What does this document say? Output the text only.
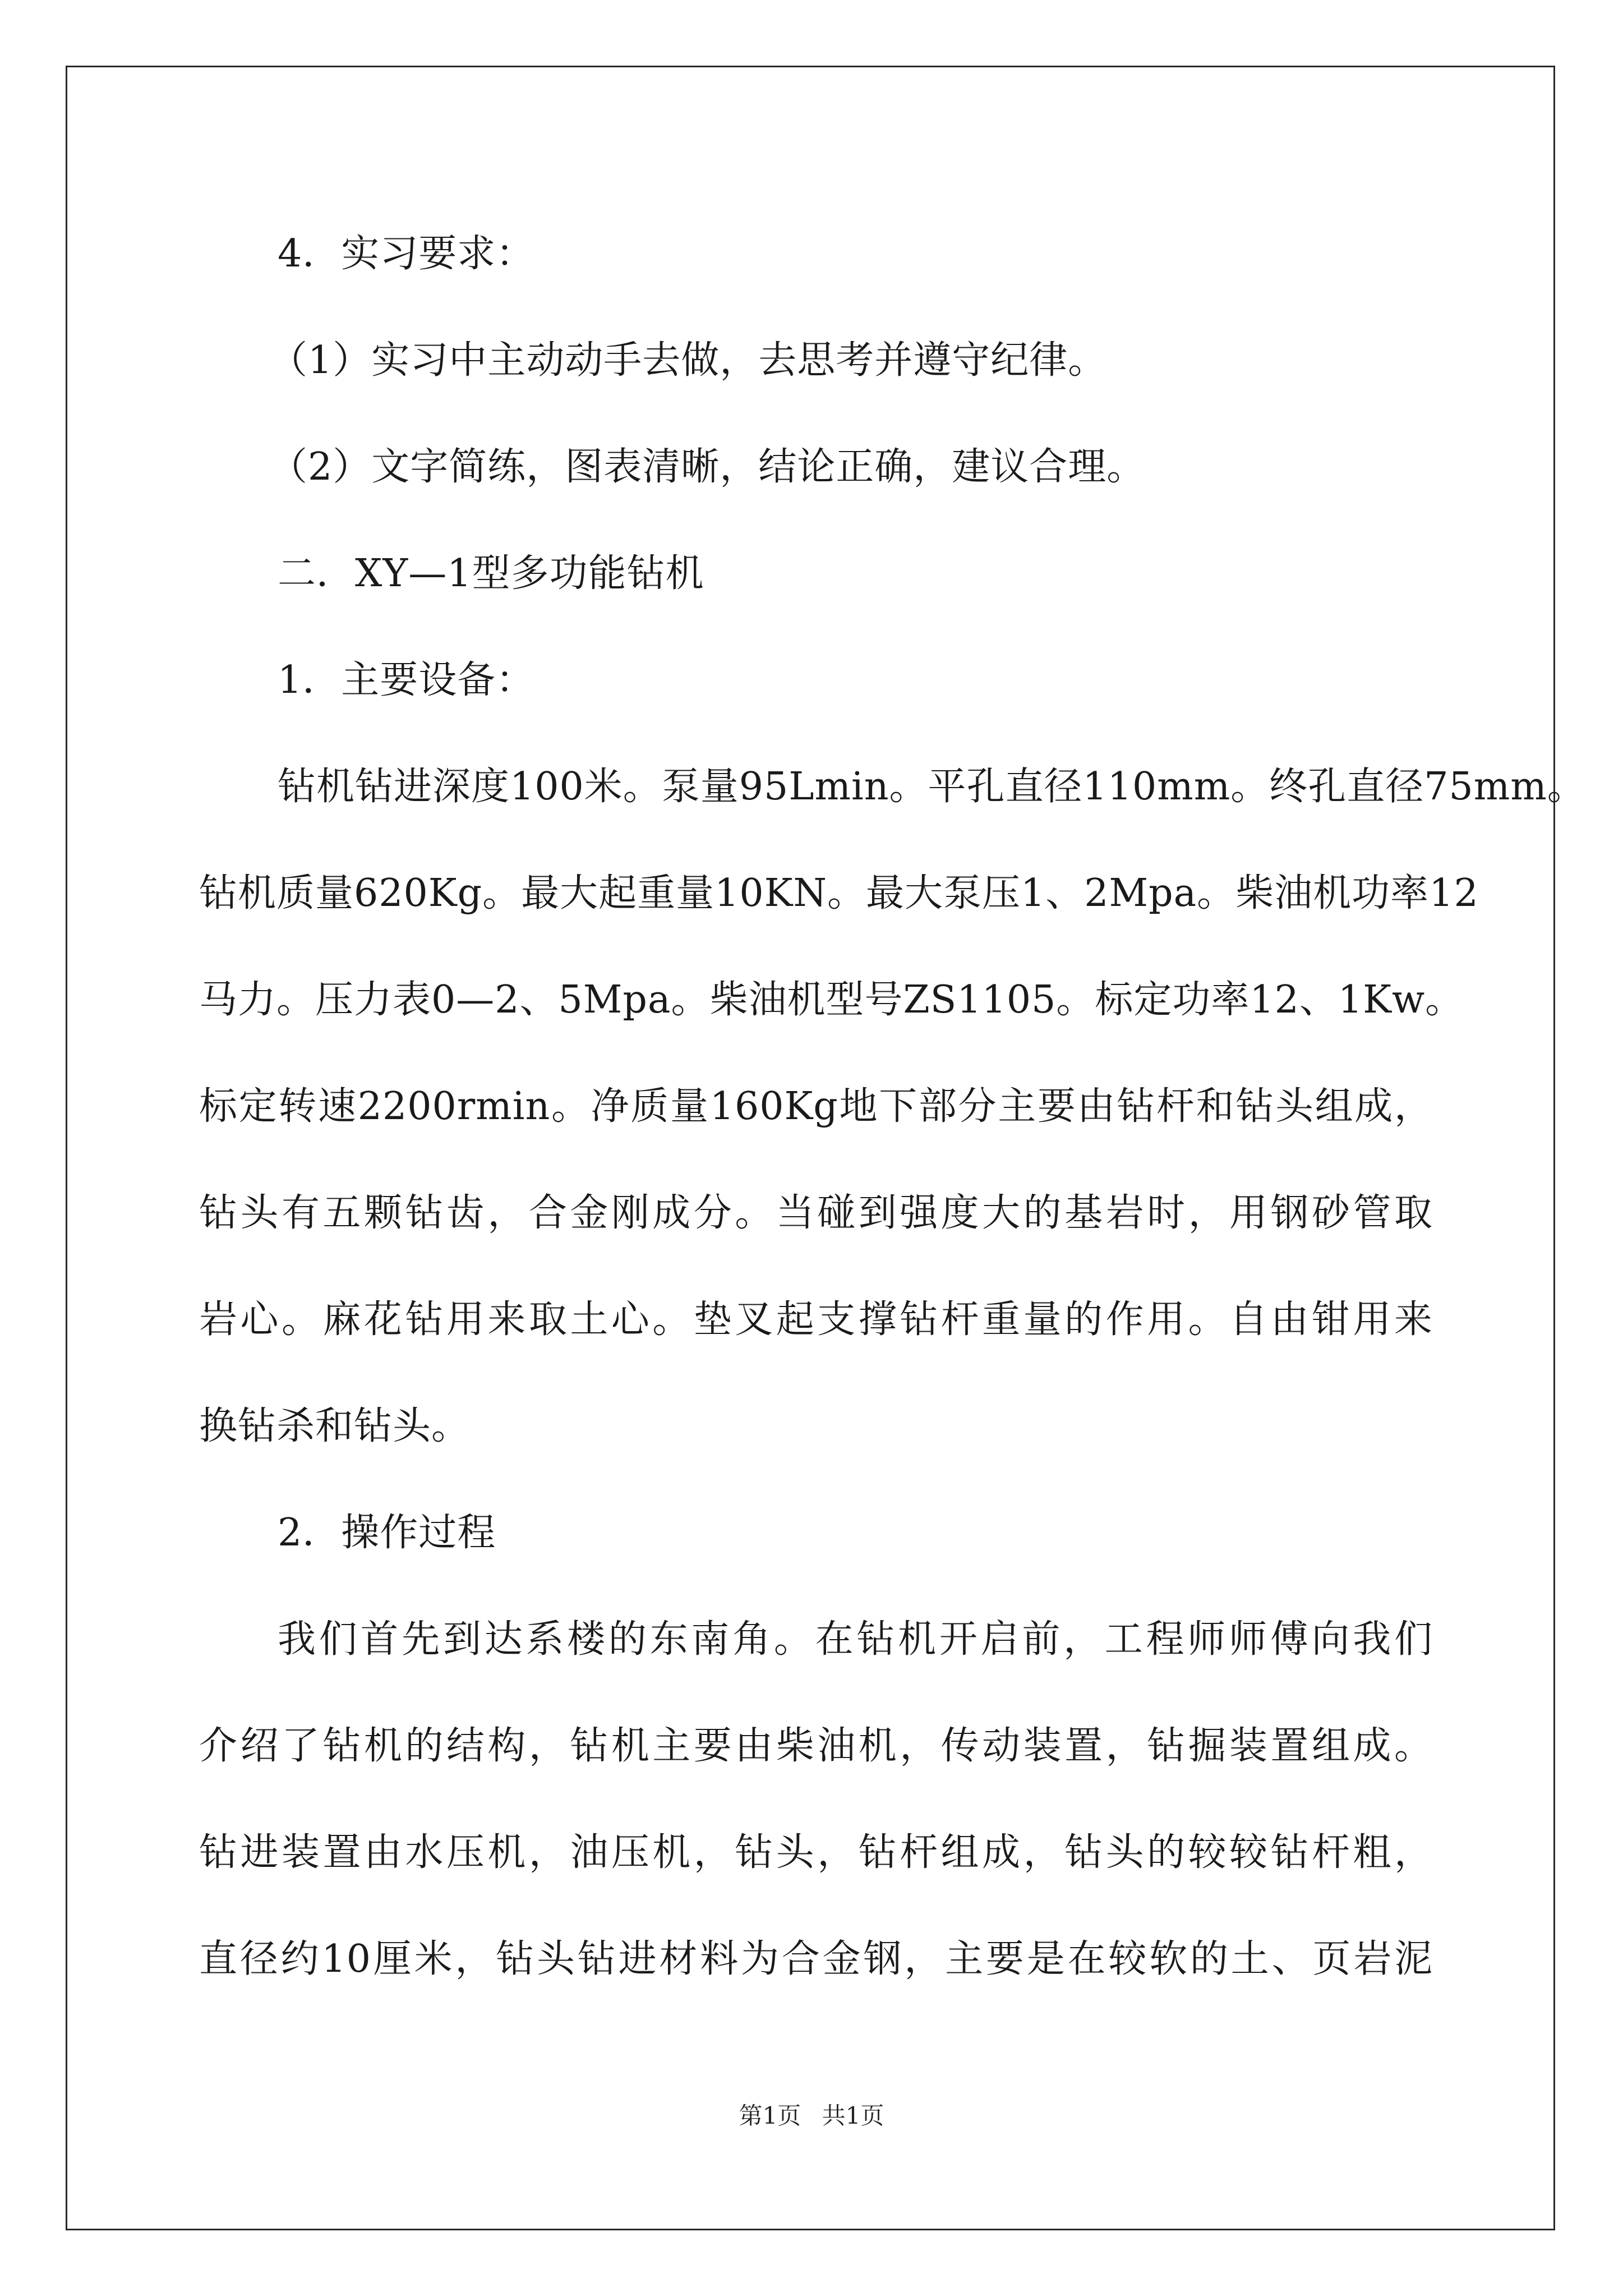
4．实习要求：
（1）实习中主动动手去做，去思考并遵守纪律。
（2）文字简练，图表清晰，结论正确，建议合理。
二．XY—1型多功能钻机
1．主要设备：
钻机钻进深度100米。泵量95Lmin。平孔直径110mm。终孔直径75mm。
钻机质量620Kg。最大起重量10KN。最大泵压1、2Mpa。柴油机功率12
马力。压力表0—2、5Mpa。柴油机型号ZS1105。标定功率12、1Kw。
标定转速2200rmin。净质量160Kg地下部分主要由钻杆和钻头组成，
钻头有五颗钻齿，合金刚成分。当碰到强度大的基岩时，用钢砂管取
岩心。麻花钻用来取土心。垫叉起支撑钻杆重量的作用。自由钳用来
换钻杀和钻头。
2．操作过程
我们首先到达系楼的东南角。在钻机开启前，工程师师傅向我们
介绍了钻机的结构，钻机主要由柴油机，传动装置，钻掘装置组成。
钻进装置由水压机，油压机，钻头，钻杆组成，钻头的较较钻杆粗，
直径约10厘米，钻头钻进材料为合金钢，主要是在较软的土、页岩泥
第1页 共1页
